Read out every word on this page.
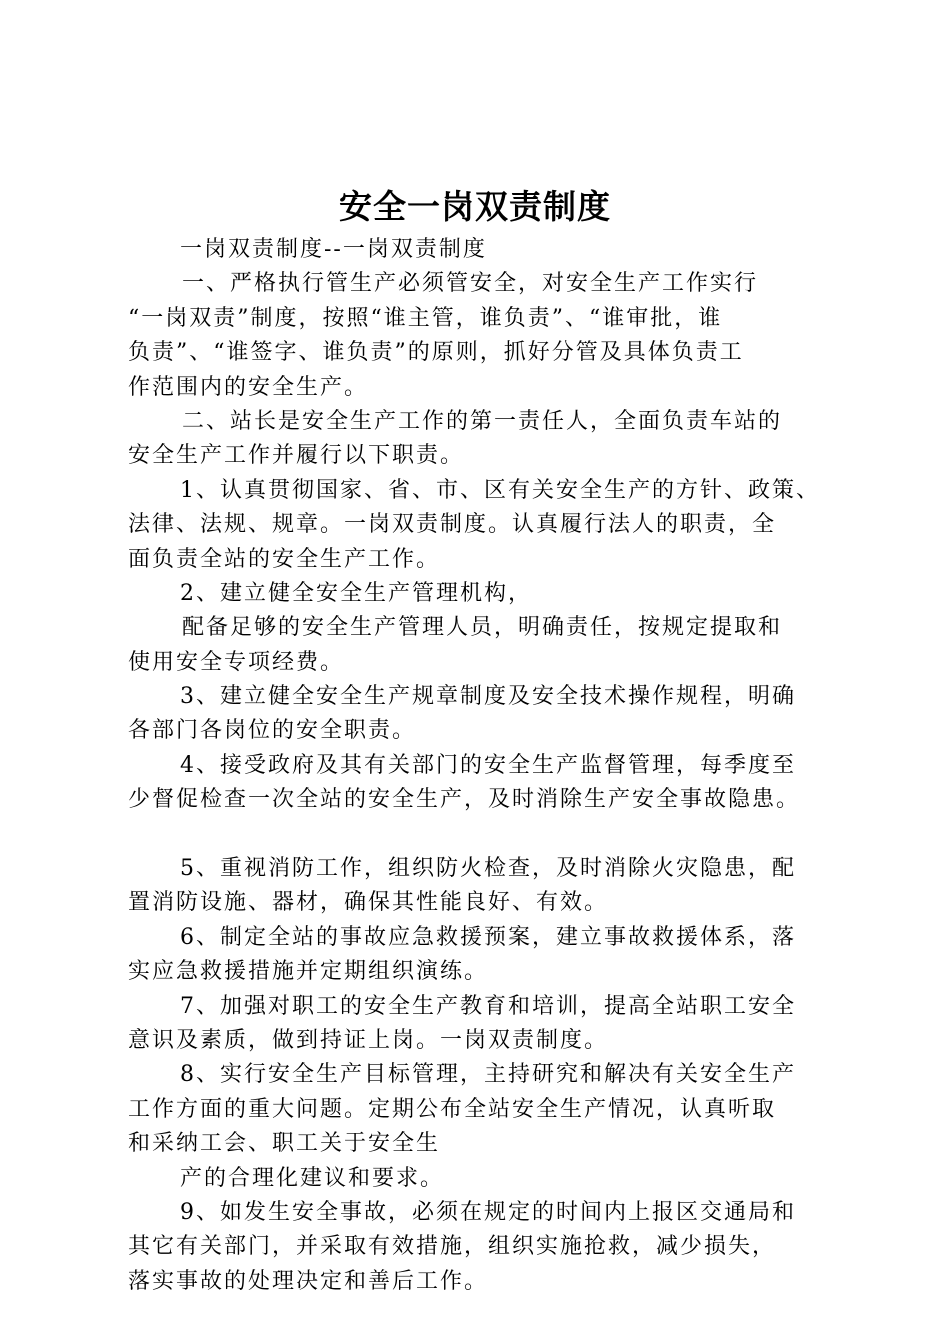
安全一岗双责制度
一岗双责制度--一岗双责制度
一、严格执行管生产必须管安全，对安全生产工作实行
“一岗双责”制度，按照“谁主管，谁负责”、“谁审批，谁
负责”、“谁签字、谁负责”的原则，抓好分管及具体负责工
作范围内的安全生产。
二、站长是安全生产工作的第一责任人，全面负责车站的
安全生产工作并履行以下职责。
1、认真贯彻国家、省、市、区有关安全生产的方针、政策、
法律、法规、规章。一岗双责制度。认真履行法人的职责，全
面负责全站的安全生产工作。
2、建立健全安全生产管理机构，
配备足够的安全生产管理人员，明确责任，按规定提取和
使用安全专项经费。
3、建立健全安全生产规章制度及安全技术操作规程，明确
各部门各岗位的安全职责。
4、接受政府及其有关部门的安全生产监督管理，每季度至
少督促检查一次全站的安全生产，及时消除生产安全事故隐患。
5、重视消防工作，组织防火检查，及时消除火灾隐患，配
置消防设施、器材，确保其性能良好、有效。
6、制定全站的事故应急救援预案，建立事故救援体系，落
实应急救援措施并定期组织演练。
7、加强对职工的安全生产教育和培训，提高全站职工安全
意识及素质，做到持证上岗。一岗双责制度。
8、实行安全生产目标管理，主持研究和解决有关安全生产
工作方面的重大问题。定期公布全站安全生产情况，认真听取
和采纳工会、职工关于安全生
产的合理化建议和要求。
9、如发生安全事故，必须在规定的时间内上报区交通局和
其它有关部门，并采取有效措施，组织实施抢救，减少损失，
落实事故的处理决定和善后工作。
